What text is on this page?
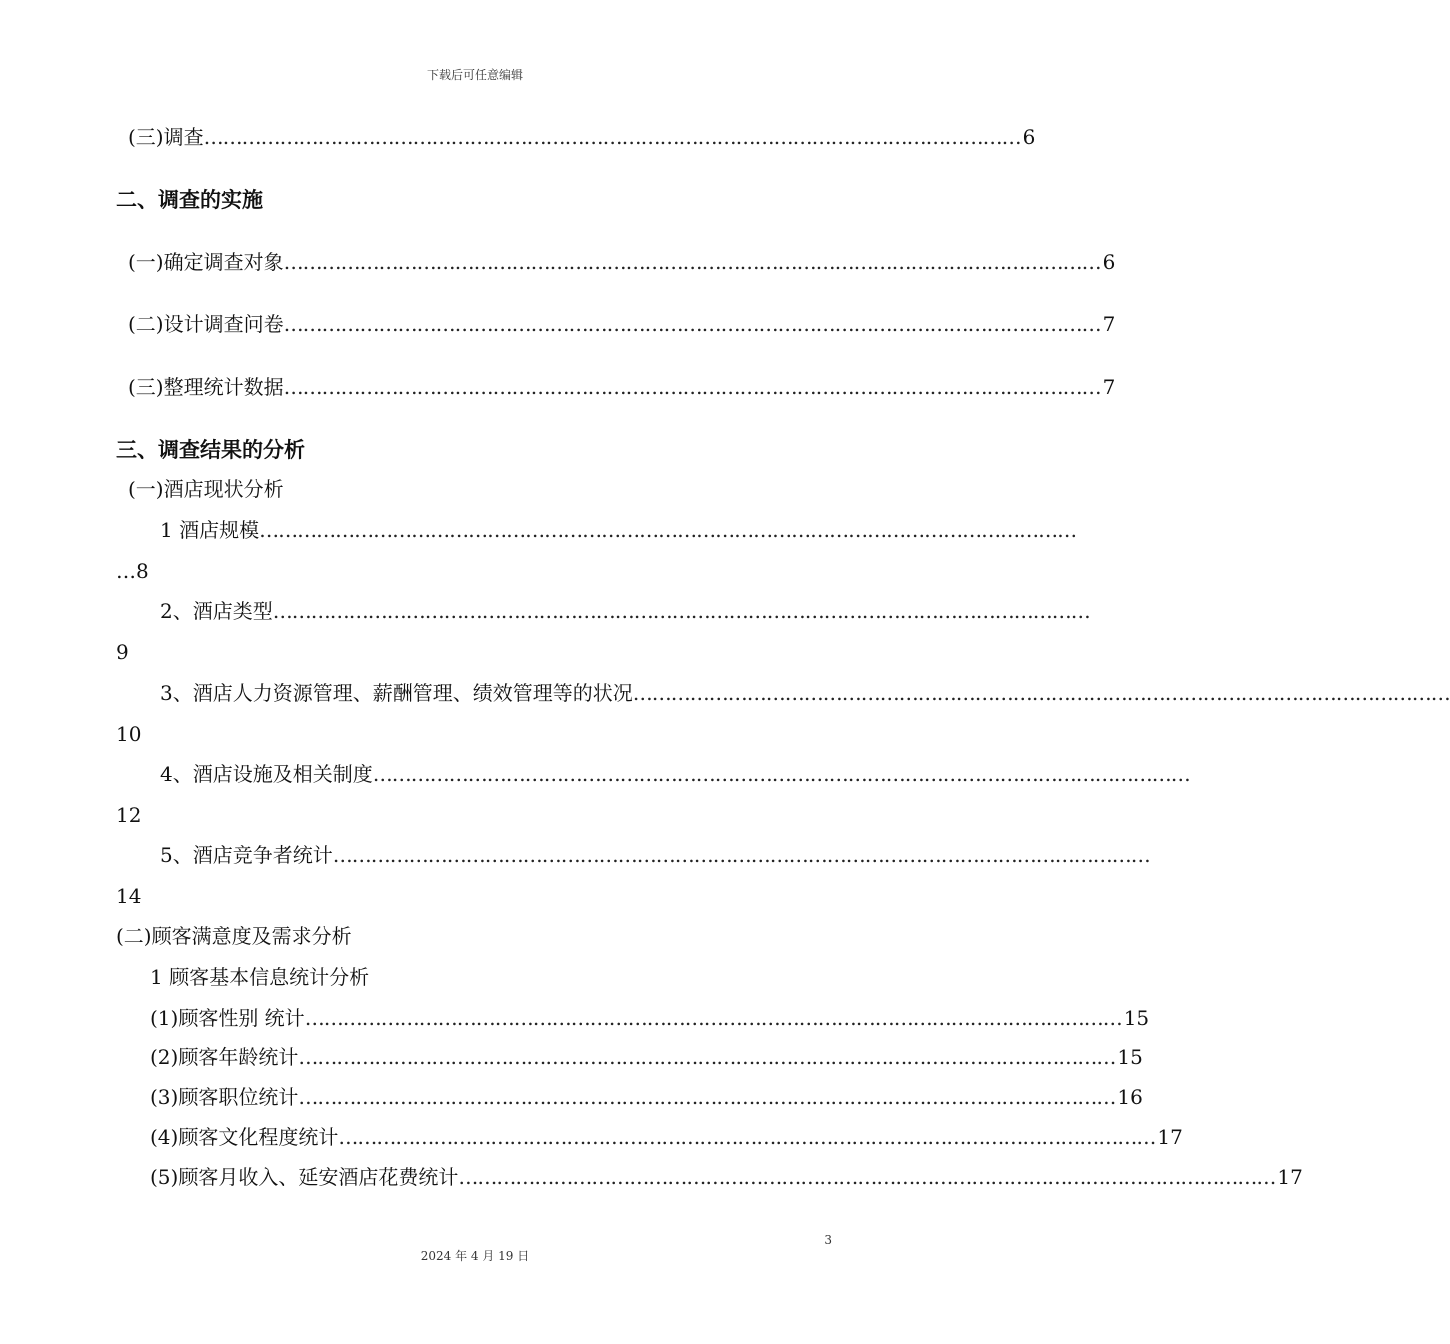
下载后可任意编辑
(三)调查 ………………………………………………………………………………………………………………… 6
二、调查的实施
(一)确定调查对象 ………………………………………………………………………………………………………………… 6
(二)设计调查问卷 ………………………………………………………………………………………………………………… 7
(三)整理统计数据 ………………………………………………………………………………………………………………… 7
三、调查结果的分析
(一)酒店现状分析
1 酒店规模 …………………………………………………………………………………………………………………
…8
2、酒店类型 …………………………………………………………………………………………………………………
9
3、酒店人力资源管理、薪酬管理、绩效管理等的状况 …………………………………………………………………………………………………………………
10
4、酒店设施及相关制度 …………………………………………………………………………………………………………………
12
5、酒店竞争者统计 …………………………………………………………………………………………………………………
14
(二)顾客满意度及需求分析
1 顾客基本信息统计分析
(1)顾客性别 统计 ………………………………………………………………………………………………………………… 15
(2)顾客年龄统计 ………………………………………………………………………………………………………………… 15
(3)顾客职位统计 ………………………………………………………………………………………………………………… 16
(4)顾客文化程度统计 ………………………………………………………………………………………………………………… 17
(5)顾客月收入、延安酒店花费统计 ………………………………………………………………………………………………………………… 17
3
2024 年 4 月 19 日
